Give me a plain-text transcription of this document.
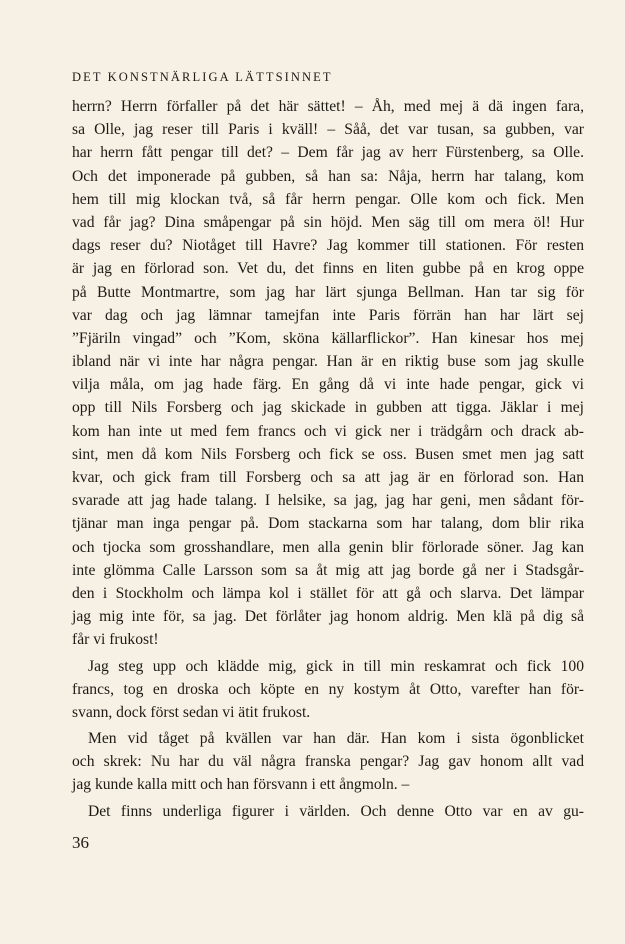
DET KONSTNÄRLIGA LÄTTSINNET
herrn? Herrn förfaller på det här sättet! – Åh, med mej ä dä ingen fara,
sa Olle, jag reser till Paris i kväll! – Såå, det var tusan, sa gubben, var
har herrn fått pengar till det? – Dem får jag av herr Fürstenberg, sa Olle.
Och det imponerade på gubben, så han sa: Nåja, herrn har talang, kom
hem till mig klockan två, så får herrn pengar. Olle kom och fick. Men
vad får jag? Dina småpengar på sin höjd. Men säg till om mera öl! Hur
dags reser du? Niotåget till Havre? Jag kommer till stationen. För resten
är jag en förlorad son. Vet du, det finns en liten gubbe på en krog oppe
på Butte Montmartre, som jag har lärt sjunga Bellman. Han tar sig för
var dag och jag lämnar tamejfan inte Paris förrän han har lärt sej
”Fjäriln vingad” och ”Kom, sköna källarflickor”. Han kinesar hos mej
ibland när vi inte har några pengar. Han är en riktig buse som jag skulle
vilja måla, om jag hade färg. En gång då vi inte hade pengar, gick vi
opp till Nils Forsberg och jag skickade in gubben att tigga. Jäklar i mej
kom han inte ut med fem francs och vi gick ner i trädgårn och drack ab-
sint, men då kom Nils Forsberg och fick se oss. Busen smet men jag satt
kvar, och gick fram till Forsberg och sa att jag är en förlorad son. Han
svarade att jag hade talang. I helsike, sa jag, jag har geni, men sådant för-
tjänar man inga pengar på. Dom stackarna som har talang, dom blir rika
och tjocka som grosshandlare, men alla genin blir förlorade söner. Jag kan
inte glömma Calle Larsson som sa åt mig att jag borde gå ner i Stadsgår-
den i Stockholm och lämpa kol i stället för att gå och slarva. Det lämpar
jag mig inte för, sa jag. Det förlåter jag honom aldrig. Men klä på dig så
får vi frukost!
Jag steg upp och klädde mig, gick in till min reskamrat och fick 100
francs, tog en droska och köpte en ny kostym åt Otto, varefter han för-
svann, dock först sedan vi ätit frukost.
Men vid tåget på kvällen var han där. Han kom i sista ögonblicket
och skrek: Nu har du väl några franska pengar? Jag gav honom allt vad
jag kunde kalla mitt och han försvann i ett ångmoln. –
Det finns underliga figurer i världen. Och denne Otto var en av gu-
36
